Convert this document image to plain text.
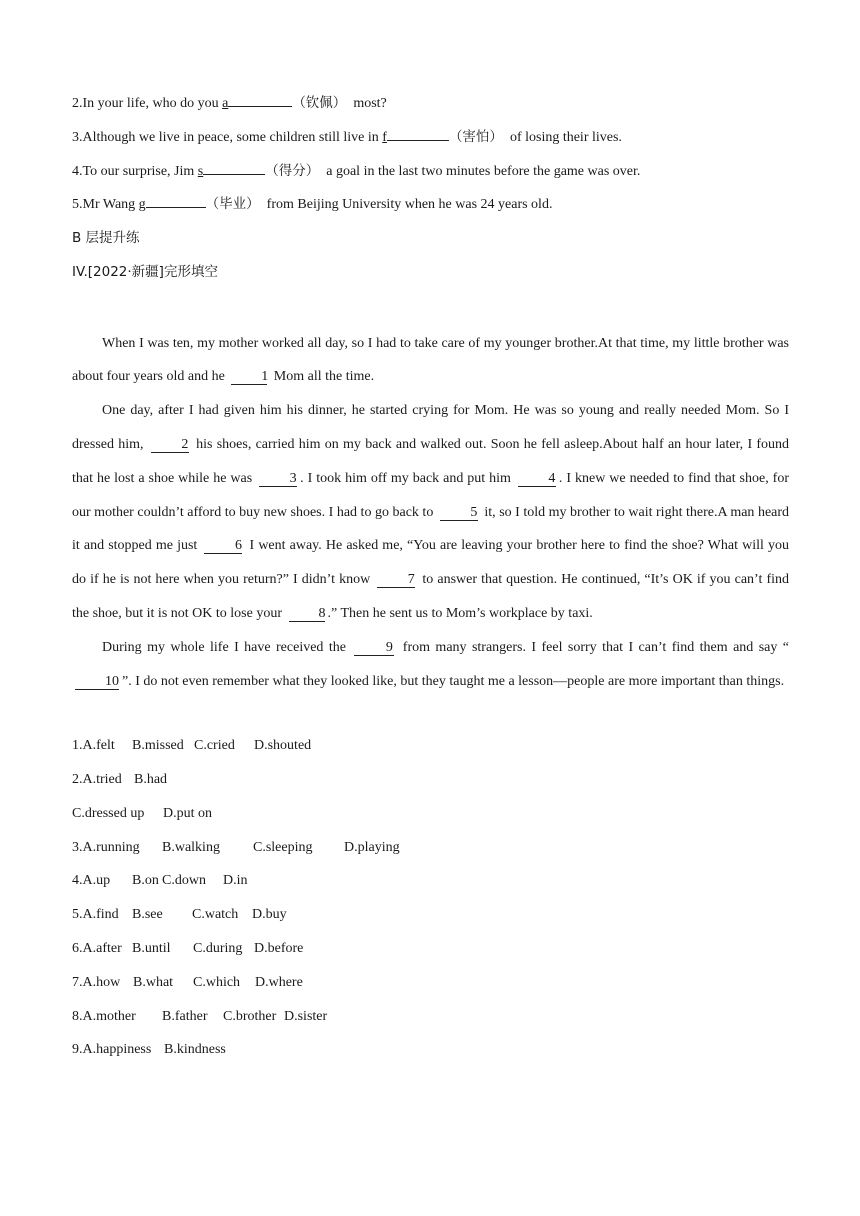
2.In your life, who do you a	（钦佩） most?
3.Although we live in peace, some children still live in f	（害怕） of losing their lives.
4.To our surprise, Jim s	（得分） a goal in the last two minutes before the game was over.
5.Mr Wang g	（毕业） from Beijing University when he was 24 years old.
B 层提升练
IV.[2022·新疆]完形填空

When I was ten, my mother worked all day, so I had to take care of my younger brother.At that time, my little brother was about four years old and he	1 Mom all the time.

One day, after I had given him his dinner, he started crying for Mom. He was so young and really needed Mom. So I dressed him,	2 his shoes, carried him on my back and walked out. Soon he fell asleep.About half an hour later, I found that he lost a shoe while he was	3 . I took him off my back and put him	4 . I knew we needed to find that shoe, for our mother couldn’t afford to buy new shoes. I had to go back to	5 it, so I told my brother to wait right there.A man heard it and stopped me just	6 I went away. He asked me, “You are leaving your brother here to find the shoe? What will you do if he is not here when you return?” I didn’t know	7 to answer that question. He continued, “It’s OK if you can’t find the shoe, but it is not OK to lose your	8 .” Then he sent us to Mom’s workplace by taxi.

During my whole life I have received the	9 from many strangers. I feel sorry that I can’t find them and say “10 ”. I do not even remember what they looked like, but they taught me a lesson—people are more important than things.

1.A.felt B.missed C.cried D.shouted
2.A.tried B.had
C.dressed up D.put on
3.A.running B.walking C.sleeping D.playing
4.A.up B.on C.down D.in
5.A.find B.see C.watch D.buy
6.A.after B.until C.during D.before
7.A.how B.what C.which D.where
8.A.mother B.father C.brother D.sister
9.A.happiness B.kindness
